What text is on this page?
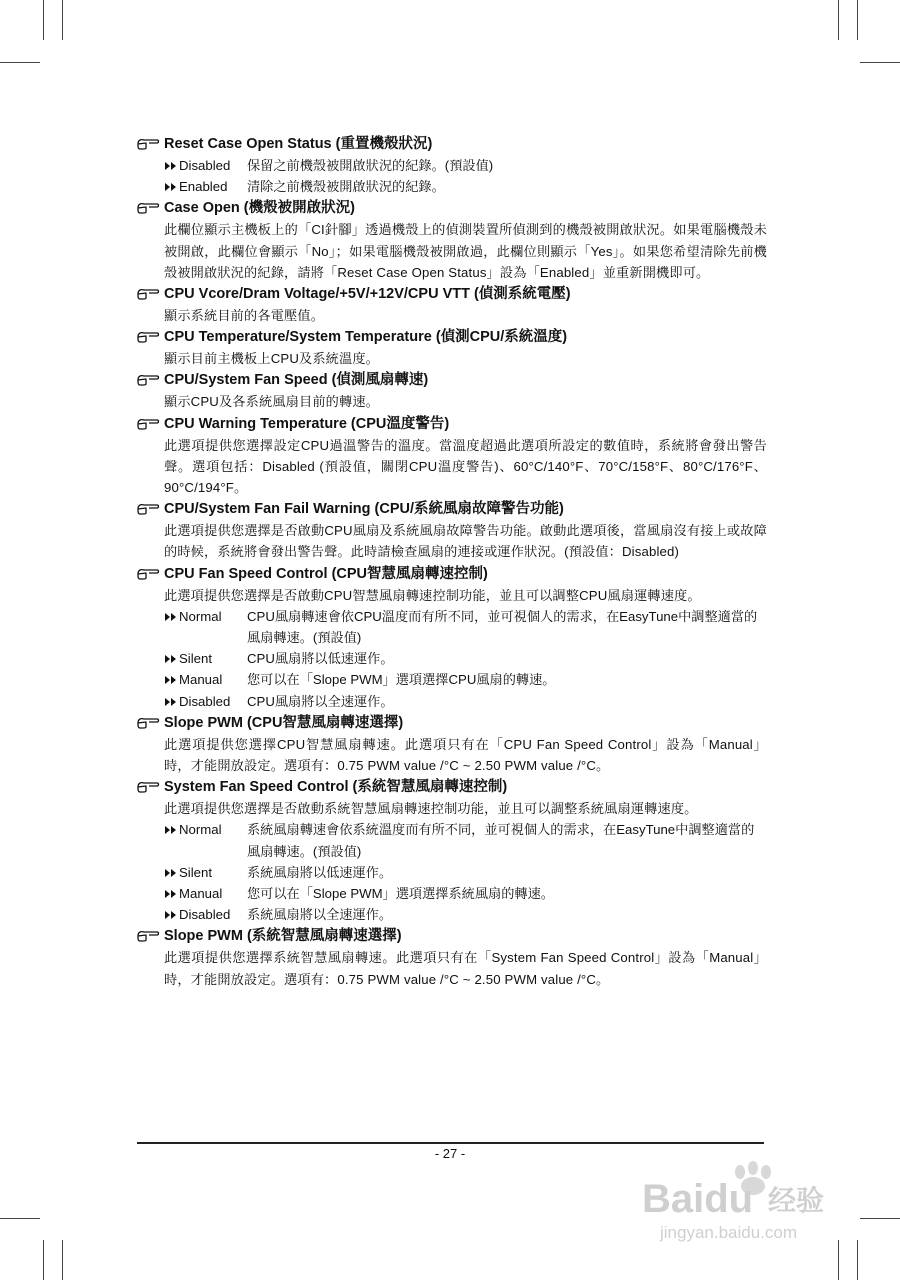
Reset Case Open Status (重置機殼狀況)
Disabled 保留之前機殼被開啟狀況的紀錄。(預設值)
Enabled 清除之前機殼被開啟狀況的紀錄。
Case Open (機殼被開啟狀況)
此欄位顯示主機板上的「CI針腳」透過機殼上的偵測裝置所偵測到的機殼被開啟狀況。如果電腦機殼未被開啟，此欄位會顯示「No」；如果電腦機殼被開啟過，此欄位則顯示「Yes」。如果您希望清除先前機殼被開啟狀況的紀錄，請將「Reset Case Open Status」設為「Enabled」並重新開機即可。
CPU Vcore/Dram Voltage/+5V/+12V/CPU VTT (偵測系統電壓)
顯示系統目前的各電壓值。
CPU Temperature/System Temperature (偵測CPU/系統溫度)
顯示目前主機板上CPU及系統溫度。
CPU/System Fan Speed (偵測風扇轉速)
顯示CPU及各系統風扇目前的轉速。
CPU Warning Temperature (CPU溫度警告)
此選項提供您選擇設定CPU過溫警告的溫度。當溫度超過此選項所設定的數值時，系統將會發出警告聲。選項包括：Disabled (預設值，關閉CPU溫度警告)、60°C/140°F、70°C/158°F、80°C/176°F、90°C/194°F。
CPU/System Fan Fail Warning (CPU/系統風扇故障警告功能)
此選項提供您選擇是否啟動CPU風扇及系統風扇故障警告功能。啟動此選項後，當風扇沒有接上或故障的時候，系統將會發出警告聲。此時請檢查風扇的連接或運作狀況。(預設值：Disabled)
CPU Fan Speed Control (CPU智慧風扇轉速控制)
此選項提供您選擇是否啟動CPU智慧風扇轉速控制功能，並且可以調整CPU風扇運轉速度。
Normal CPU風扇轉速會依CPU溫度而有所不同，並可視個人的需求，在EasyTune中調整適當的風扇轉速。(預設值)
Silent	CPU風扇將以低速運作。
Manual 您可以在「Slope PWM」選項選擇CPU風扇的轉速。
Disabled CPU風扇將以全速運作。
Slope PWM (CPU智慧風扇轉速選擇)
此選項提供您選擇CPU智慧風扇轉速。此選項只有在「CPU Fan Speed Control」設為「Manual」時，才能開放設定。選項有：0.75 PWM value /°C ~ 2.50 PWM value /°C。
System Fan Speed Control (系統智慧風扇轉速控制)
此選項提供您選擇是否啟動系統智慧風扇轉速控制功能，並且可以調整系統風扇運轉速度。
Normal 系統風扇轉速會依系統溫度而有所不同，並可視個人的需求，在EasyTune中調整適當的風扇轉速。(預設值)
Silent	系統風扇將以低速運作。
Manual 您可以在「Slope PWM」選項選擇系統風扇的轉速。
Disabled 系統風扇將以全速運作。
Slope PWM (系統智慧風扇轉速選擇)
此選項提供您選擇系統智慧風扇轉速。此選項只有在「System Fan Speed Control」設為「Manual」時，才能開放設定。選項有：0.75 PWM value /°C ~ 2.50 PWM value /°C。
- 27 -
Baidu 经验
jingyan.baidu.com
